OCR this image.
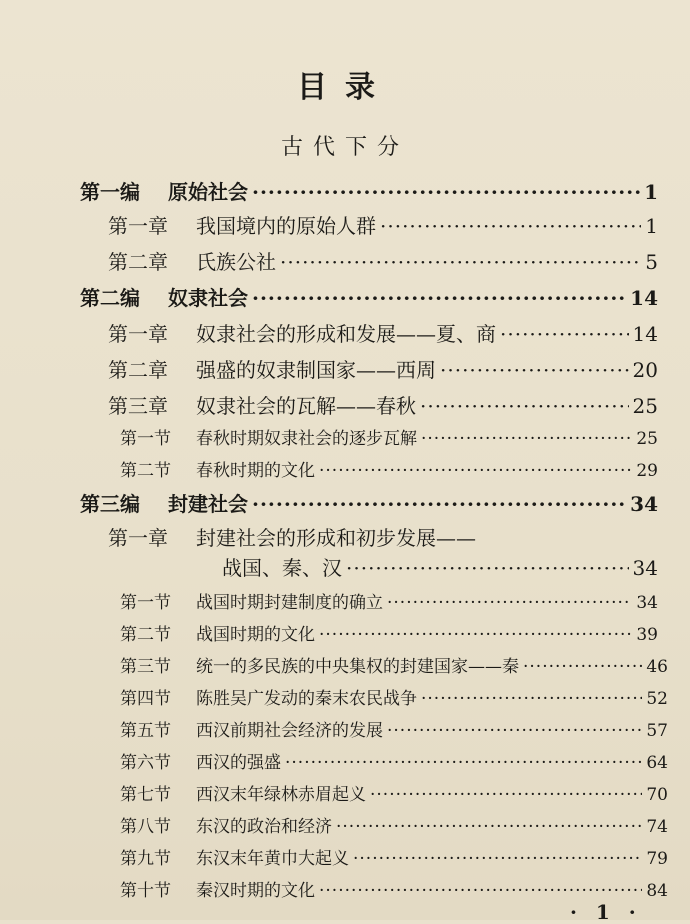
目录
古代下分
第一编	原始社会 ·····	1
第一章	我国境内的原始人群 ·····	1
第二章	氏族公社 ·····	5
第二编	奴隶社会 ·····	14
第一章	奴隶社会的形成和发展——夏、商 ·····	14
第二章	强盛的奴隶制国家——西周 ·····	20
第三章	奴隶社会的瓦解——春秋 ·····	25
第一节	春秋时期奴隶社会的逐步瓦解 ·····	25
第二节	春秋时期的文化 ·····	29
第三编	封建社会 ·····	34
第一章	封建社会的形成和初步发展——
战国、秦、汉 ·····	34
第一节	战国时期封建制度的确立 ·····	34
第二节	战国时期的文化 ·····	39
第三节	统一的多民族的中央集权的封建国家——秦 ·····	46
第四节	陈胜吴广发动的秦末农民战争 ·····	52
第五节	西汉前期社会经济的发展 ·····	57
第六节	西汉的强盛 ·····	64
第七节	西汉末年绿林赤眉起义 ·····	70
第八节	东汉的政治和经济 ·····	74
第九节	东汉末年黄巾大起义 ·····	79
第十节	秦汉时期的文化 ·····	84
· 1 ·
